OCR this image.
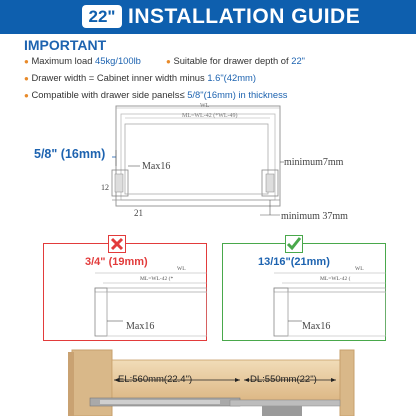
22" INSTALLATION GUIDE
IMPORTANT
● Maximum load 45kg/100lb	● Suitable for drawer depth of 22"
● Drawer width = Cabinet inner width minus 1.6"(42mm)
● Compatible with drawer side panels≤ 5/8"(16mm) in thickness
5/8" (16mm)
Max16	minimum7mm
WL
ML=WL-42 (*WL-49)
12
21	minimum 37mm
3/4" (19mm)
WL
ML=WL-42 (*
Max16
13/16"(21mm)
WL
ML=WL-42 (
Max16
EL:560mm(22.4")	DL:550mm(22")
